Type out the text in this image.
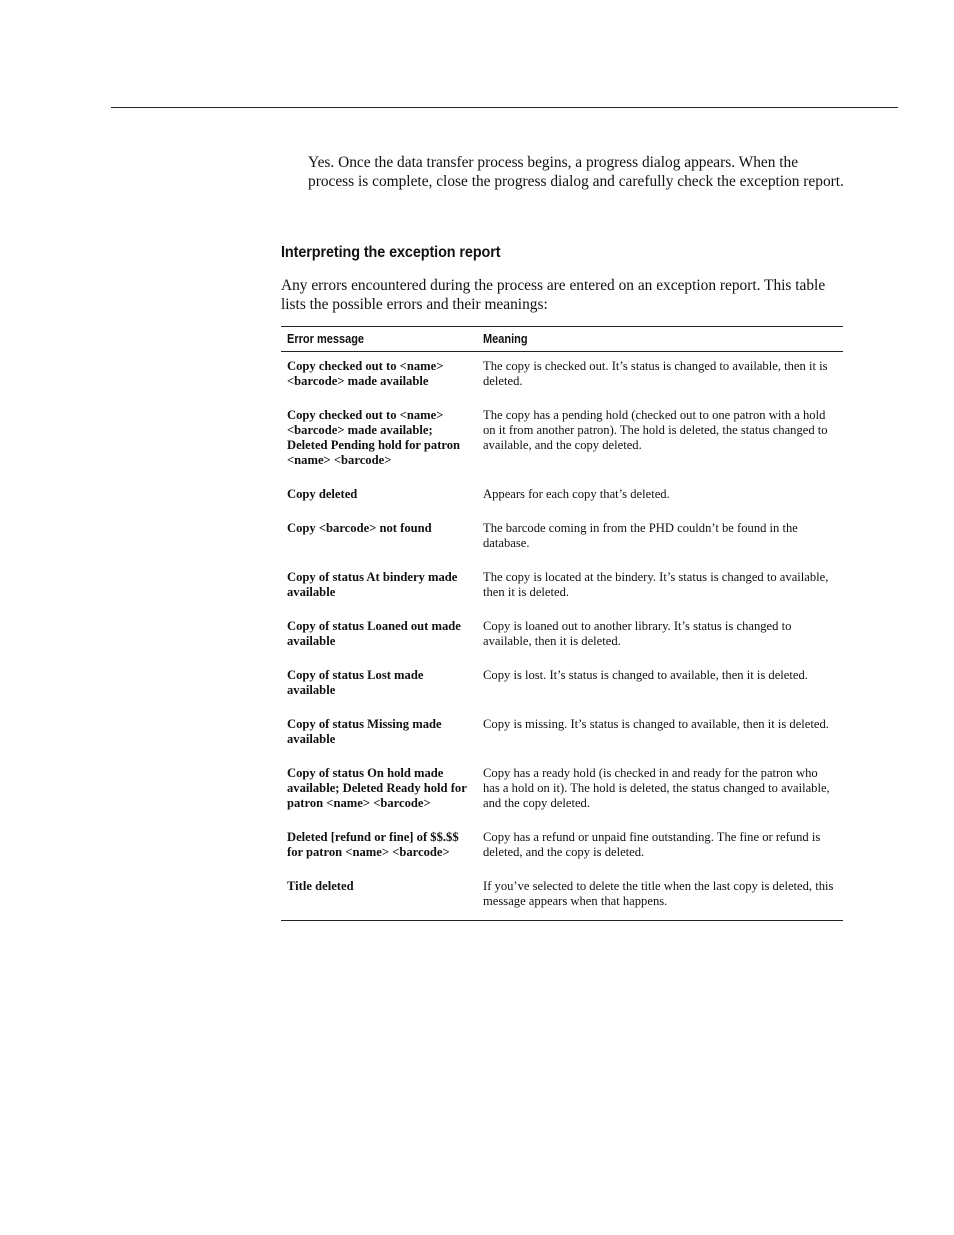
Yes. Once the data transfer process begins, a progress dialog appears. When the process is complete, close the progress dialog and carefully check the exception report.

Interpreting the exception report

Any errors encountered during the process are entered on an exception report. This table lists the possible errors and their meanings:

Error message	Meaning

Copy checked out to <name> <barcode> made available	The copy is checked out. It’s status is changed to available, then it is deleted.

Copy checked out to <name> <barcode> made available; Deleted Pending hold for patron <name> <barcode>	The copy has a pending hold (checked out to one patron with a hold on it from another patron). The hold is deleted, the status changed to available, and the copy deleted.

Copy deleted	Appears for each copy that’s deleted.

Copy <barcode> not found	The barcode coming in from the PHD couldn’t be found in the database.

Copy of status At bindery made available	The copy is located at the bindery. It’s status is changed to available, then it is deleted.

Copy of status Loaned out made available	Copy is loaned out to another library. It’s status is changed to available, then it is deleted.

Copy of status Lost made available	Copy is lost. It’s status is changed to available, then it is deleted.

Copy of status Missing made available	Copy is missing. It’s status is changed to available, then it is deleted.

Copy of status On hold made available; Deleted Ready hold for patron <name> <barcode>	Copy has a ready hold (is checked in and ready for the patron who has a hold on it). The hold is deleted, the status changed to available, and the copy deleted.

Deleted [refund or fine] of $$.$$ for patron <name> <barcode>	Copy has a refund or unpaid fine outstanding. The fine or refund is deleted, and the copy is deleted.

Title deleted	If you’ve selected to delete the title when the last copy is deleted, this message appears when that happens.
